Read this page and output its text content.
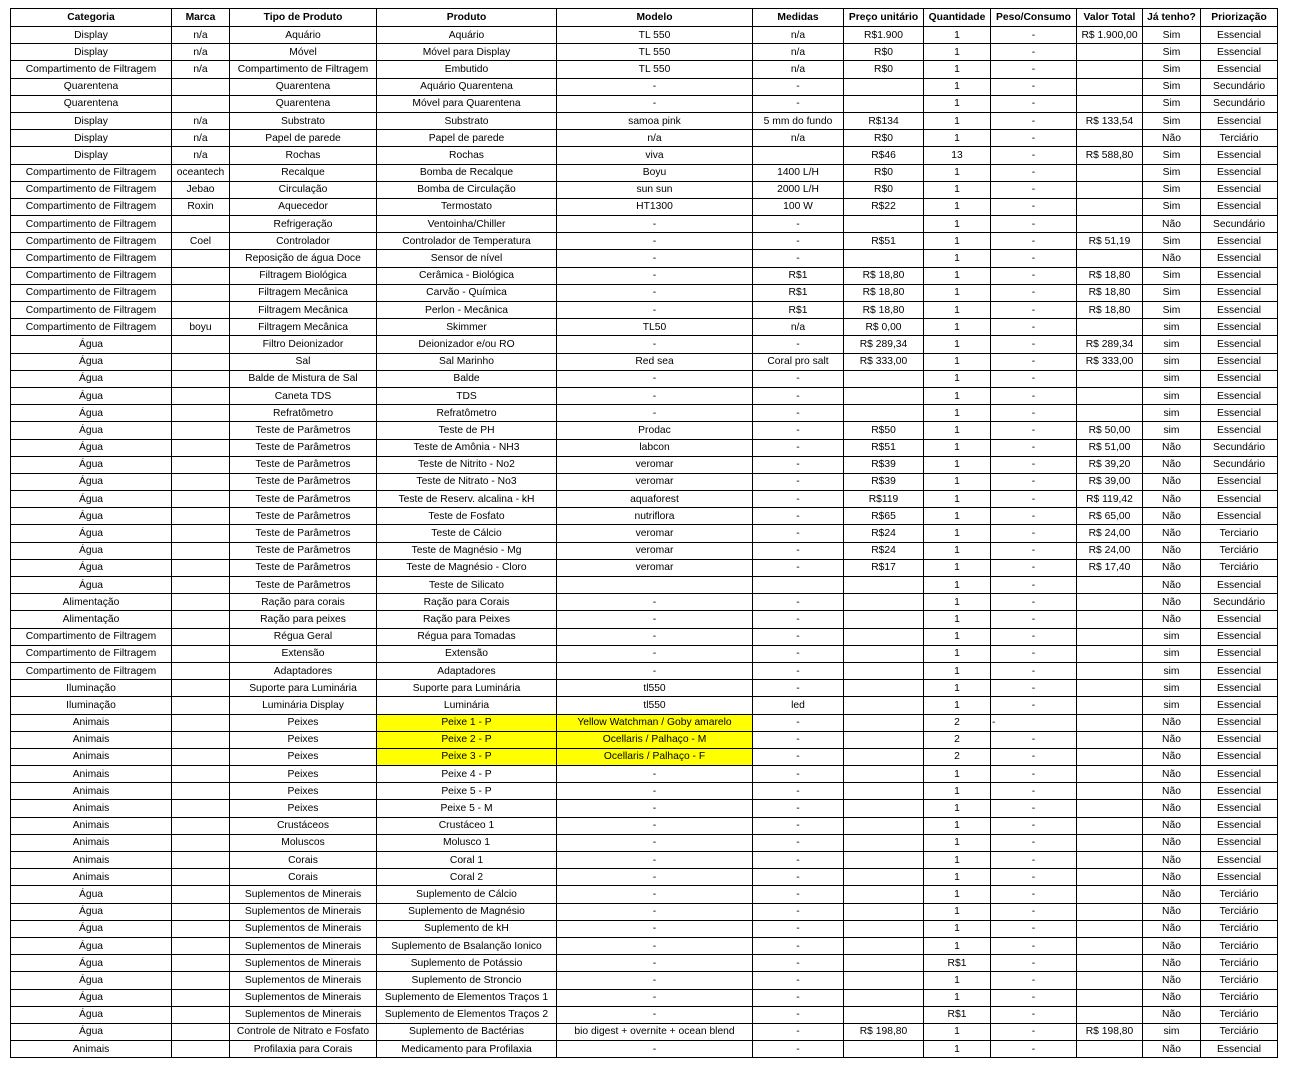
Categoria	Marca	Tipo de Produto	Produto	Modelo	Medidas	Preço unitário	Quantidade	Peso/Consumo	Valor Total	Já tenho?	Priorização
Display	n/a	Aquário	Aquário	TL 550	n/a	R$1.900	1	-	R$ 1.900,00	Sim	Essencial
Display	n/a	Móvel	Móvel para Display	TL 550	n/a	R$0	1	-		Sim	Essencial
Compartimento de Filtragem	n/a	Compartimento de Filtragem	Embutido	TL 550	n/a	R$0	1	-		Sim	Essencial
Quarentena		Quarentena	Aquário Quarentena	-	-		1	-		Sim	Secundário
Quarentena		Quarentena	Móvel para Quarentena	-	-		1	-		Sim	Secundário
Display	n/a	Substrato	Substrato	samoa pink	5 mm do fundo	R$134	1	-	R$ 133,54	Sim	Essencial
Display	n/a	Papel de parede	Papel de parede	n/a	n/a	R$0	1	-		Não	Terciário
Display	n/a	Rochas	Rochas	viva		R$46	13	-	R$ 588,80	Sim	Essencial
Compartimento de Filtragem	oceantech	Recalque	Bomba de Recalque	Boyu	1400 L/H	R$0	1	-		Sim	Essencial
Compartimento de Filtragem	Jebao	Circulação	Bomba de Circulação	sun sun	2000 L/H	R$0	1	-		Sim	Essencial
Compartimento de Filtragem	Roxin	Aquecedor	Termostato	HT1300	100 W	R$22	1	-		Sim	Essencial
Compartimento de Filtragem		Refrigeração	Ventoinha/Chiller	-	-		1	-		Não	Secundário
Compartimento de Filtragem	Coel	Controlador	Controlador de Temperatura	-	-	R$51	1	-	R$ 51,19	Sim	Essencial
Compartimento de Filtragem		Reposição de água Doce	Sensor de nível	-	-		1	-		Não	Essencial
Compartimento de Filtragem		Filtragem Biológica	Cerâmica - Biológica	-	R$1	R$ 18,80	1	-	R$ 18,80	Sim	Essencial
Compartimento de Filtragem		Filtragem Mecânica	Carvão - Química	-	R$1	R$ 18,80	1	-	R$ 18,80	Sim	Essencial
Compartimento de Filtragem		Filtragem Mecânica	Perlon - Mecânica	-	R$1	R$ 18,80	1	-	R$ 18,80	Sim	Essencial
Compartimento de Filtragem	boyu	Filtragem Mecânica	Skimmer	TL50	n/a	R$ 0,00	1	-		sim	Essencial
Água		Filtro Deionizador	Deionizador e/ou RO	-	-	R$ 289,34	1	-	R$ 289,34	sim	Essencial
Água		Sal	Sal Marinho	Red sea	Coral pro salt	R$ 333,00	1	-	R$ 333,00	sim	Essencial
Água		Balde de Mistura de Sal	Balde	-	-		1	-		sim	Essencial
Água		Caneta TDS	TDS	-	-		1	-		sim	Essencial
Água		Refratômetro	Refratômetro	-	-		1	-		sim	Essencial
Água		Teste de Parâmetros	Teste de PH	Prodac	-	R$50	1	-	R$ 50,00	sim	Essencial
Água		Teste de Parâmetros	Teste de Amônia - NH3	labcon	-	R$51	1	-	R$ 51,00	Não	Secundário
Água		Teste de Parâmetros	Teste de Nitrito - No2	veromar	-	R$39	1	-	R$ 39,20	Não	Secundário
Água		Teste de Parâmetros	Teste de Nitrato - No3	veromar	-	R$39	1	-	R$ 39,00	Não	Essencial
Água		Teste de Parâmetros	Teste de Reserv. alcalina - kH	aquaforest	-	R$119	1	-	R$ 119,42	Não	Essencial
Água		Teste de Parâmetros	Teste de Fosfato	nutriflora	-	R$65	1	-	R$ 65,00	Não	Essencial
Água		Teste de Parâmetros	Teste de Cálcio	veromar	-	R$24	1	-	R$ 24,00	Não	Terciario
Água		Teste de Parâmetros	Teste de Magnésio - Mg	veromar	-	R$24	1	-	R$ 24,00	Não	Terciário
Água		Teste de Parâmetros	Teste de Magnésio - Cloro	veromar	-	R$17	1	-	R$ 17,40	Não	Terciário
Água		Teste de Parâmetros	Teste de Silicato				1	-		Não	Essencial
Alimentação		Ração para corais	Ração para Corais	-	-		1	-		Não	Secundário
Alimentação		Ração para peixes	Ração para Peixes	-	-		1	-		Não	Essencial
Compartimento de Filtragem		Régua Geral	Régua para Tomadas	-	-		1	-		sim	Essencial
Compartimento de Filtragem		Extensão	Extensão	-	-		1	-		sim	Essencial
Compartimento de Filtragem		Adaptadores	Adaptadores	-	-		1	-		sim	Essencial
Iluminação		Suporte para Luminária	Suporte para Luminária	tl550	-		1	-		sim	Essencial
Iluminação		Luminária Display	Luminária	tl550	led		1	-		sim	Essencial
Animais		Peixes	Peixe 1 - P	Yellow Watchman / Goby amarelo	-		2	-		Não	Essencial
Animais		Peixes	Peixe 2 - P	Ocellaris / Palhaço - M	-		2	-		Não	Essencial
Animais		Peixes	Peixe 3 - P	Ocellaris / Palhaço - F	-		2	-		Não	Essencial
Animais		Peixes	Peixe 4 - P	-	-		1	-		Não	Essencial
Animais		Peixes	Peixe 5 - P	-	-		1	-		Não	Essencial
Animais		Peixes	Peixe 5 - M	-	-		1	-		Não	Essencial
Animais		Crustáceos	Crustáceo 1	-	-		1	-		Não	Essencial
Animais		Moluscos	Molusco 1	-	-		1	-		Não	Essencial
Animais		Corais	Coral 1	-	-		1	-		Não	Essencial
Animais		Corais	Coral 2	-	-		1	-		Não	Essencial
Água		Suplementos de Minerais	Suplemento de Cálcio	-	-		1	-		Não	Terciário
Água		Suplementos de Minerais	Suplemento de Magnésio	-	-		1	-		Não	Terciário
Água		Suplementos de Minerais	Suplemento de kH	-	-		1	-		Não	Terciário
Água		Suplementos de Minerais	Suplemento de Bsalanção Ionico	-	-		1	-		Não	Terciário
Água		Suplementos de Minerais	Suplemento de Potássio	-	-		R$1	-		Não	Terciário
Água		Suplementos de Minerais	Suplemento de Stroncio	-	-		1	-		Não	Terciário
Água		Suplementos de Minerais	Suplemento de Elementos Traços 1	-	-		1	-		Não	Terciário
Água		Suplementos de Minerais	Suplemento de Elementos Traços 2	-	-		R$1	-		Não	Terciário
Água		Controle de Nitrato e Fosfato	Suplemento de Bactérias	bio digest + overnite + ocean blend	-	R$ 198,80	1	-	R$ 198,80	sim	Terciário
Animais		Profilaxia para Corais	Medicamento para Profilaxia	-	-		1	-		Não	Essencial
